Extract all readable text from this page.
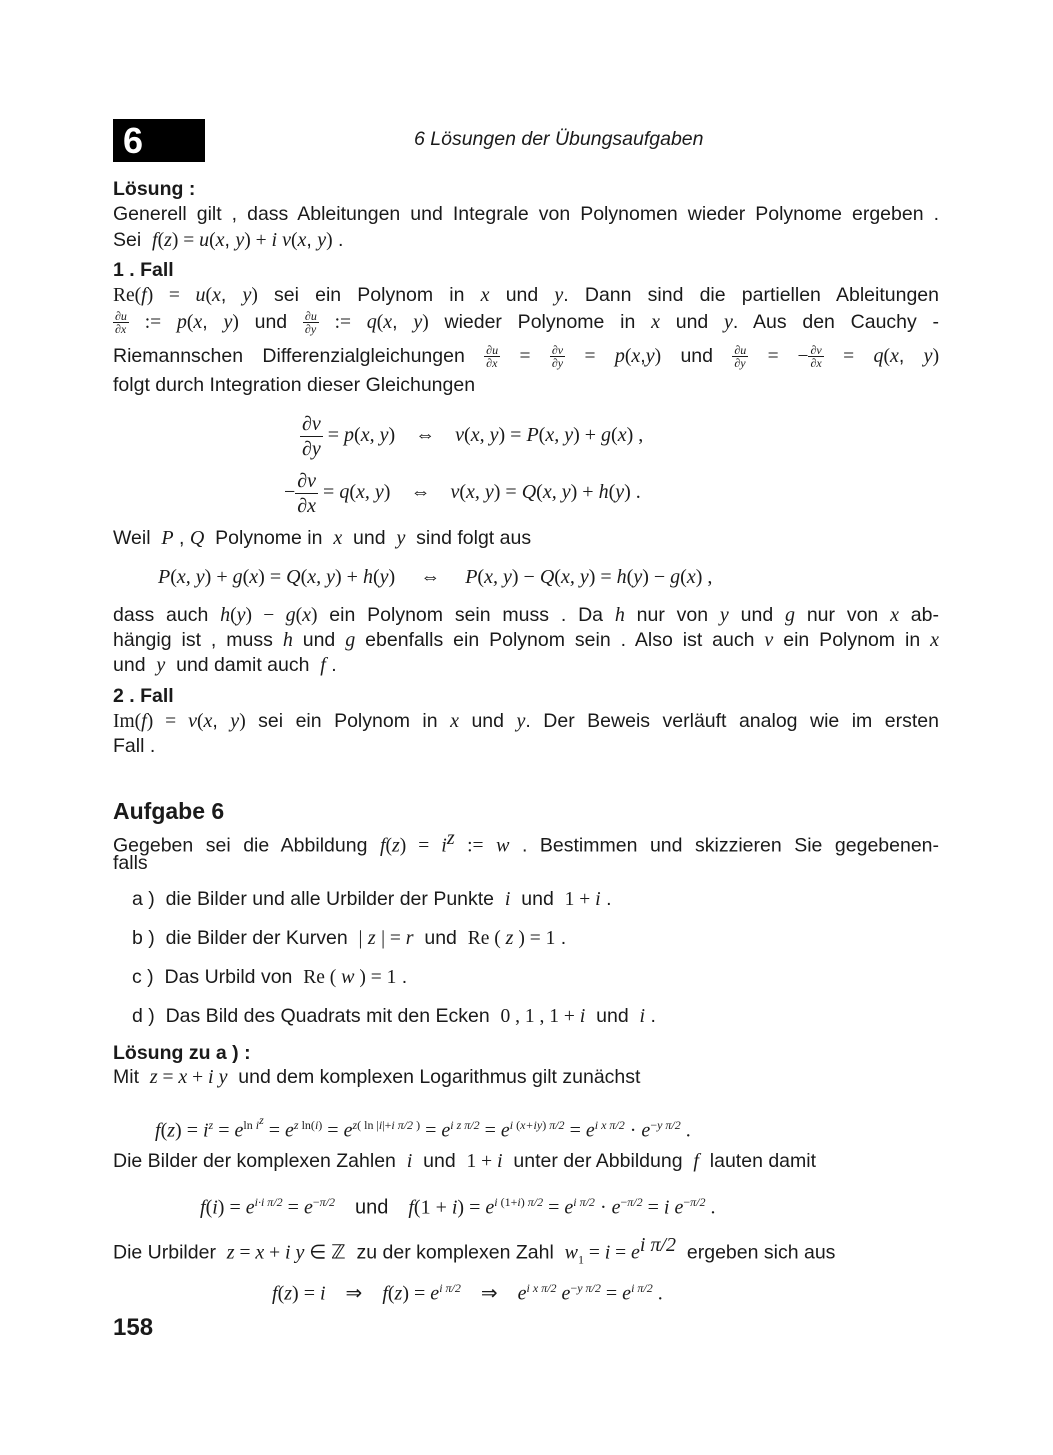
6	6 Lösungen der Übungsaufgaben
Lösung :
Generell gilt , dass Ableitungen und Integrale von Polynomen wieder Polynome ergeben .
Sei  f(z) = u(x, y) + i v(x, y) .
1 . Fall
Re(f) = u(x, y) sei ein Polynom in x und y. Dann sind die partiellen Ableitungen
$\frac{\partial u}{\partial x}$ := p(x, y) und $\frac{\partial u}{\partial y}$ := q(x, y) wieder Polynome in x und y. Aus den Cauchy -
Riemannschen Differenzialgleichungen $\frac{\partial u}{\partial x} = \frac{\partial v}{\partial y} = p(x,y)$ und $\frac{\partial u}{\partial y}$ = − $\frac{\partial v}{\partial x} = q(x$, y)
folgt durch Integration dieser Gleichungen
$\frac{\partial v}{\partial y} = p(x$, y) ⇔    v(x, y) = P(x, y) + g(x) ,
− $\frac{\partial v}{\partial x} = q(x$, y) ⇔    v(x, y) = Q(x, y) + h(y) .
Weil  P , Q  Polynome in  x  und  y  sind folgt aus
P(x, y) + g(x) = Q(x, y) + h(y) ⇔     P(x, y) − Q(x, y) = h(y) − g(x) ,
dass auch h(y) − g(x) ein Polynom sein muss . Da h nur von y und g nur von x ab-
hängig ist , muss h und g ebenfalls ein Polynom sein . Also ist auch v ein Polynom in x
und  y  und damit auch  f .
2 . Fall
Im(f) = v(x, y) sei ein Polynom in x und y. Der Beweis verläuft analog wie im ersten
Fall .
Aufgabe 6
Gegeben sei die Abbildung $f(z) = i^z$ := w . Bestimmen und skizzieren Sie gegebenen-
falls
a )  die Bilder und alle Urbilder der Punkte  i  und  1 + i .
b )  die Bilder der Kurven  | z | = r  und  Re ( z ) = 1 .
c )  Das Urbild von  Re ( w ) = 1 .
d )  Das Bild des Quadrats mit den Ecken  0 , 1 , 1 + i  und  i .
Lösung zu a ) :
Mit  z = x + i y  und dem komplexen Logarithmus gilt zunächst
$f(z) = i^z = e^{ln i^z} = e^{z ln(i)} = e^{z( ln |i|+i \pi/2 )} = e^{i z \pi/2} = e^{i (x+iy) \pi/2} = e^{i x \pi/2} \cdot e^{-y \pi/2}$ .
Die Bilder der komplexen Zahlen  i  und  1 + i  unter der Abbildung  f  lauten damit
$f(i) = e^{i\cdot i \pi/2} = e^{-\pi/2}$ und    $f(1 + i) = e^{i (1+i) \pi/2} = e^{i \pi/2} \cdot e^{-\pi/2} = i$ $e^{-\pi/2}$ .
Die Urbilder  z = x + i y ∈ ℤ  zu der komplexen Zahl  $w_1 = i = e^{i \pi/2}$  ergeben sich aus
f(z) = i    ⇒    $f(z) = e^{i \pi/2}$ ⇒    $e^{i x \pi/2}$ $e^{-y \pi/2} = e^{i \pi/2}$ .
158
